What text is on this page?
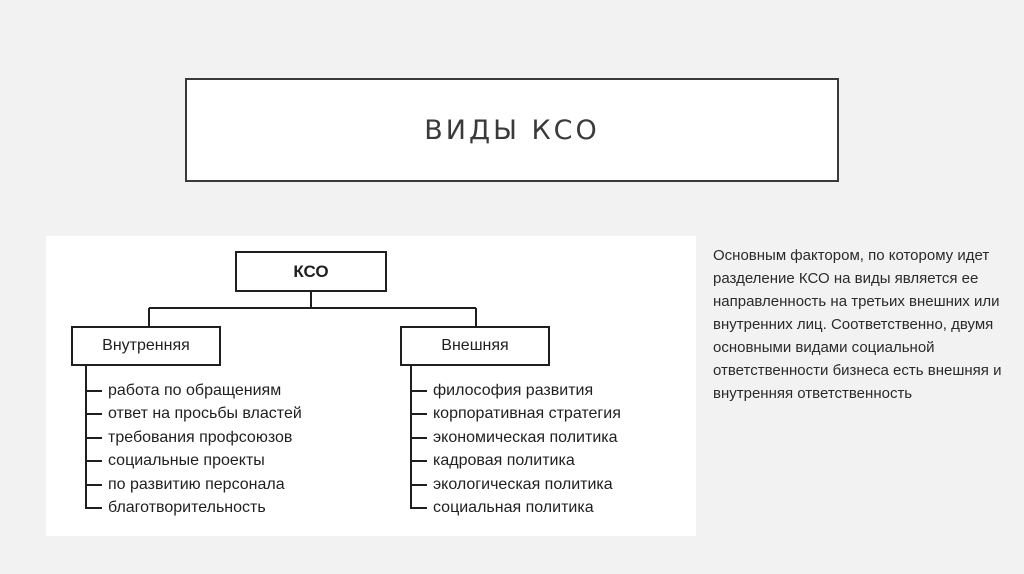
ВИДЫ КСО
КСО
Внутренняя	Внешняя
работа по обращениям
ответ на просьбы властей
требования профсоюзов
социальные проекты
по развитию персонала
благотворительность
философия развития
корпоративная стратегия
экономическая политика
кадровая политика
экологическая политика
социальная политика

Основным фактором, по которому идет разделение КСО на виды является ее направленность на третьих внешних или внутренних лиц. Соответственно, двумя основными видами социальной ответственности бизнеса есть внешняя и внутренняя ответственность
